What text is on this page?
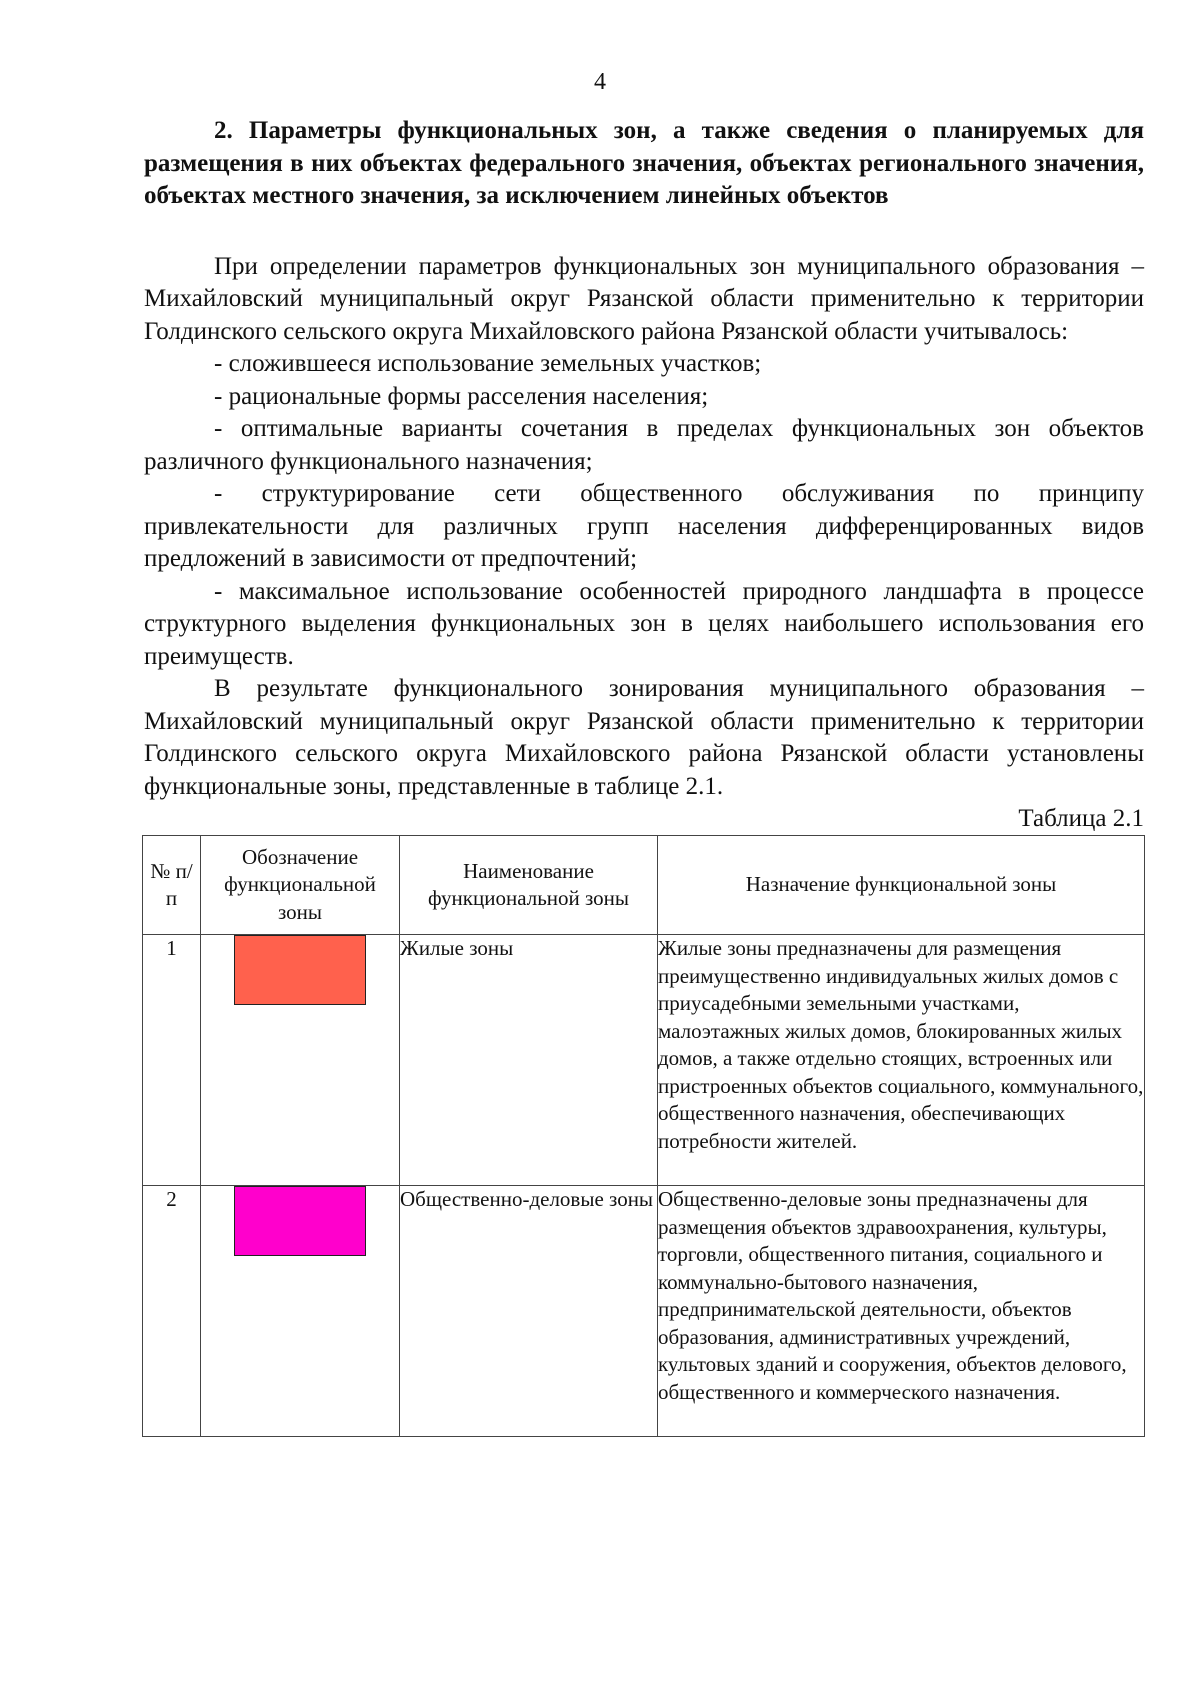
4

2. Параметры функциональных зон, а также сведения о планируемых для размещения в них объектах федерального значения, объектах регионального значения, объектах местного значения, за исключением линейных объектов

При определении параметров функциональных зон муниципального образования – Михайловский муниципальный округ Рязанской области применительно к территории Голдинского сельского округа Михайловского района Рязанской области учитывалось:

- сложившееся использование земельных участков;

- рациональные формы расселения населения;

- оптимальные варианты сочетания в пределах функциональных зон объектов различного функционального назначения;

- структурирование сети общественного обслуживания по принципу привлекательности для различных групп населения дифференцированных видов предложений в зависимости от предпочтений;

- максимальное использование особенностей природного ландшафта в процессе структурного выделения функциональных зон в целях наибольшего использования его преимуществ.

В результате функционального зонирования муниципального образования – Михайловский муниципальный округ Рязанской области применительно к территории Голдинского сельского округа Михайловского района Рязанской области установлены функциональные зоны, представленные в таблице 2.1.

Таблица 2.1

№ п/п	Обозначение функциональной зоны	Наименование функциональной зоны	Назначение функциональной зоны
1		Жилые зоны	Жилые зоны предназначены для размещения преимущественно индивидуальных жилых домов с приусадебными земельными участками, малоэтажных жилых домов, блокированных жилых домов, а также отдельно стоящих, встроенных или пристроенных объектов социального, коммунального, общественного назначения, обеспечивающих потребности жителей.
2		Общественно-деловые зоны	Общественно-деловые зоны предназначены для размещения объектов здравоохранения, культуры, торговли, общественного питания, социального и коммунально-бытового назначения, предпринимательской деятельности, объектов образования, административных учреждений, культовых зданий и сооружения, объектов делового, общественного и коммерческого назначения.
